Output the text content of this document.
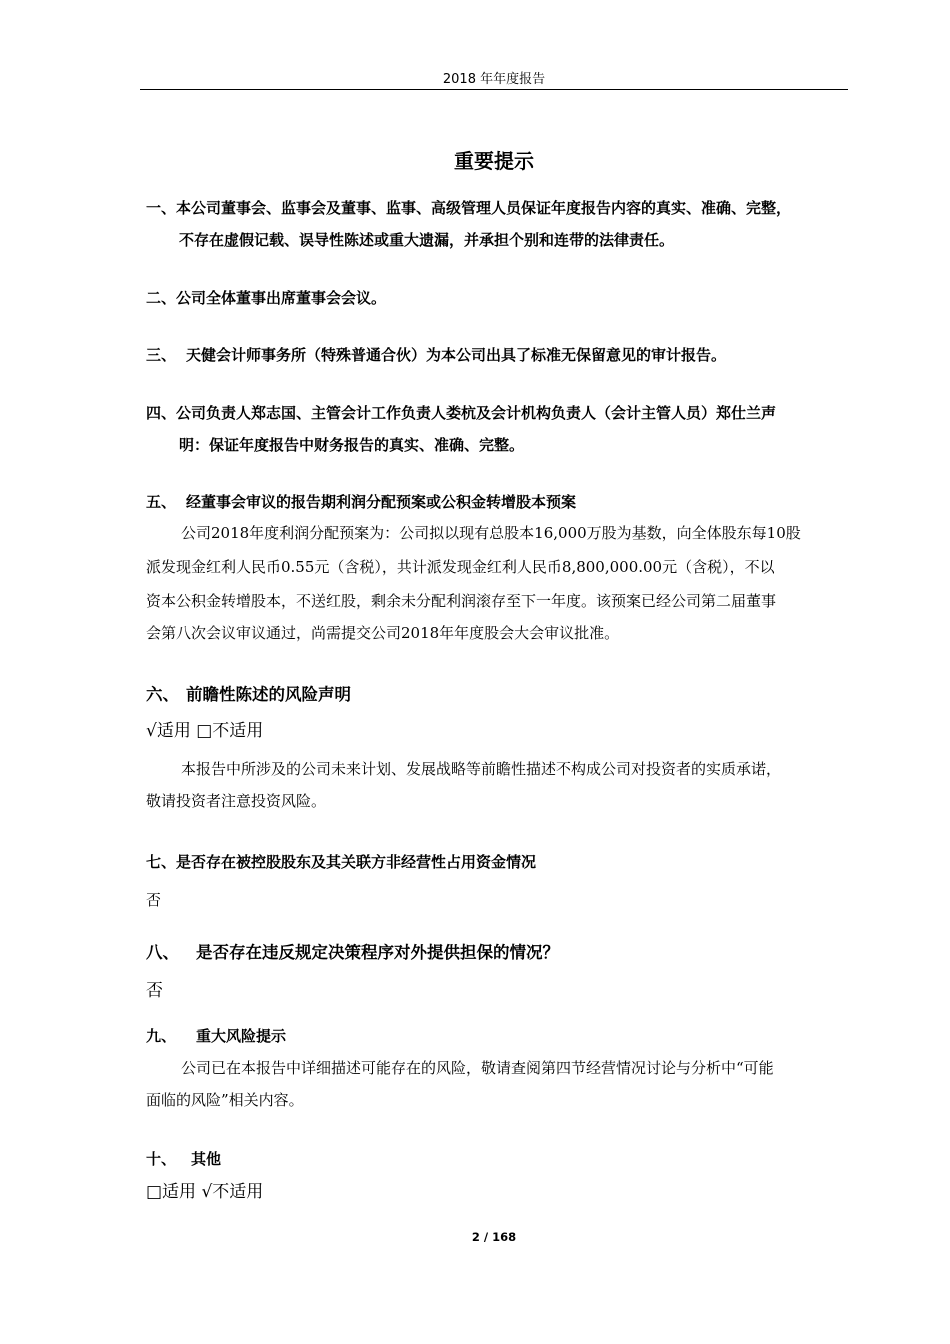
2018 年年度报告
重要提示
一、本公司董事会、监事会及董事、监事、高级管理人员保证年度报告内容的真实、准确、完整，
不存在虚假记载、误导性陈述或重大遗漏，并承担个别和连带的法律责任。
二、公司全体董事出席董事会会议。
三、 天健会计师事务所（特殊普通合伙）为本公司出具了标准无保留意见的审计报告。
四、公司负责人郑志国、主管会计工作负责人娄杭及会计机构负责人（会计主管人员）郑仕兰声
明：保证年度报告中财务报告的真实、准确、完整。
五、 经董事会审议的报告期利润分配预案或公积金转增股本预案
公司2018年度利润分配预案为：公司拟以现有总股本16,000万股为基数，向全体股东每10股
派发现金红利人民币0.55元（含税），共计派发现金红利人民币8,800,000.00元（含税），不以
资本公积金转增股本，不送红股，剩余未分配利润滚存至下一年度。该预案已经公司第二届董事
会第八次会议审议通过，尚需提交公司2018年年度股会大会审议批准。
六、 前瞻性陈述的风险声明
√适用 □不适用
本报告中所涉及的公司未来计划、发展战略等前瞻性描述不构成公司对投资者的实质承诺，
敬请投资者注意投资风险。
七、是否存在被控股股东及其关联方非经营性占用资金情况
否
八、 是否存在违反规定决策程序对外提供担保的情况？
否
九、 重大风险提示
公司已在本报告中详细描述可能存在的风险，敬请查阅第四节经营情况讨论与分析中“可能
面临的风险”相关内容。
十、 其他
□适用 √不适用
2 / 168
